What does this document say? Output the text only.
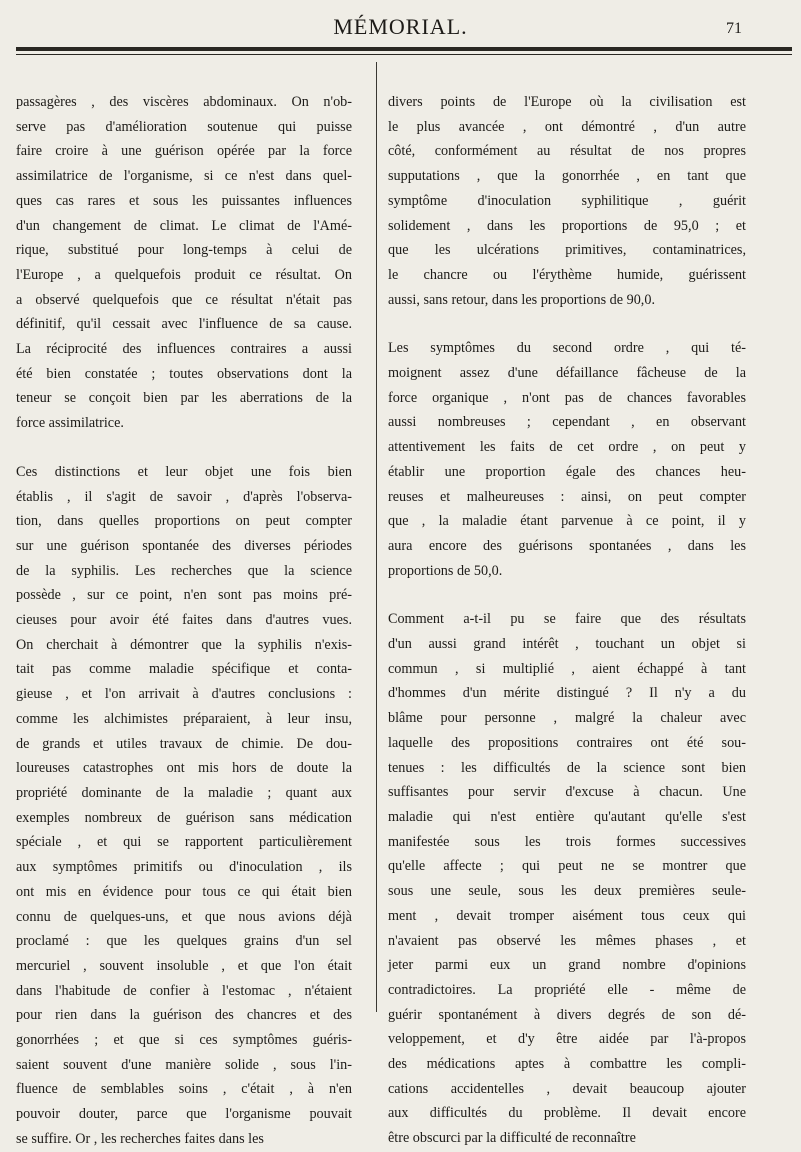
MÉMORIAL.	71
passagères , des viscères abdominaux. On n'ob-
serve pas d'amélioration soutenue qui puisse
faire croire à une guérison opérée par la force
assimilatrice de l'organisme, si ce n'est dans quel-
ques cas rares et sous les puissantes influences
d'un changement de climat. Le climat de l'Amé-
rique, substitué pour long-temps à celui de
l'Europe , a quelquefois produit ce résultat. On
a observé quelquefois que ce résultat n'était pas
définitif, qu'il cessait avec l'influence de sa cause.
La réciprocité des influences contraires a aussi
été bien constatée ; toutes observations dont la
teneur se conçoit bien par les aberrations de la
force assimilatrice.
Ces distinctions et leur objet une fois bien
établis , il s'agit de savoir , d'après l'observa-
tion, dans quelles proportions on peut compter
sur une guérison spontanée des diverses périodes
de la syphilis. Les recherches que la science
possède , sur ce point, n'en sont pas moins pré-
cieuses pour avoir été faites dans d'autres vues.
On cherchait à démontrer que la syphilis n'exis-
tait pas comme maladie spécifique et conta-
gieuse , et l'on arrivait à d'autres conclusions :
comme les alchimistes préparaient, à leur insu,
de grands et utiles travaux de chimie. De dou-
loureuses catastrophes ont mis hors de doute la
propriété dominante de la maladie ; quant aux
exemples nombreux de guérison sans médication
spéciale , et qui se rapportent particulièrement
aux symptômes primitifs ou d'inoculation , ils
ont mis en évidence pour tous ce qui était bien
connu de quelques-uns, et que nous avions déjà
proclamé : que les quelques grains d'un sel
mercuriel , souvent insoluble , et que l'on était
dans l'habitude de confier à l'estomac , n'étaient
pour rien dans la guérison des chancres et des
gonorrhées ; et que si ces symptômes guéris-
saient souvent d'une manière solide , sous l'in-
fluence de semblables soins , c'était , à n'en
pouvoir douter, parce que l'organisme pouvait
se suffire. Or , les recherches faites dans les
divers points de l'Europe où la civilisation est
le plus avancée , ont démontré , d'un autre
côté, conformément au résultat de nos propres
supputations , que la gonorrhée , en tant que
symptôme d'inoculation syphilitique , guérit
solidement , dans les proportions de 95,0 ; et
que les ulcérations primitives, contaminatrices,
le chancre ou l'érythème humide, guérissent
aussi, sans retour, dans les proportions de 90,0.
Les symptômes du second ordre , qui té-
moignent assez d'une défaillance fâcheuse de la
force organique , n'ont pas de chances favorables
aussi nombreuses ; cependant , en observant
attentivement les faits de cet ordre , on peut y
établir une proportion égale des chances heu-
reuses et malheureuses : ainsi, on peut compter
que , la maladie étant parvenue à ce point, il y
aura encore des guérisons spontanées , dans les
proportions de 50,0.
Comment a-t-il pu se faire que des résultats
d'un aussi grand intérêt , touchant un objet si
commun , si multiplié , aient échappé à tant
d'hommes d'un mérite distingué ? Il n'y a du
blâme pour personne , malgré la chaleur avec
laquelle des propositions contraires ont été sou-
tenues : les difficultés de la science sont bien
suffisantes pour servir d'excuse à chacun. Une
maladie qui n'est entière qu'autant qu'elle s'est
manifestée sous les trois formes successives
qu'elle affecte ; qui peut ne se montrer que
sous une seule, sous les deux premières seule-
ment , devait tromper aisément tous ceux qui
n'avaient pas observé les mêmes phases , et
jeter parmi eux un grand nombre d'opinions
contradictoires. La propriété elle - même de
guérir spontanément à divers degrés de son dé-
veloppement, et d'y être aidée par l'à-propos
des médications aptes à combattre les compli-
cations accidentelles , devait beaucoup ajouter
aux difficultés du problème. Il devait encore
être obscurci par la difficulté de reconnaître
